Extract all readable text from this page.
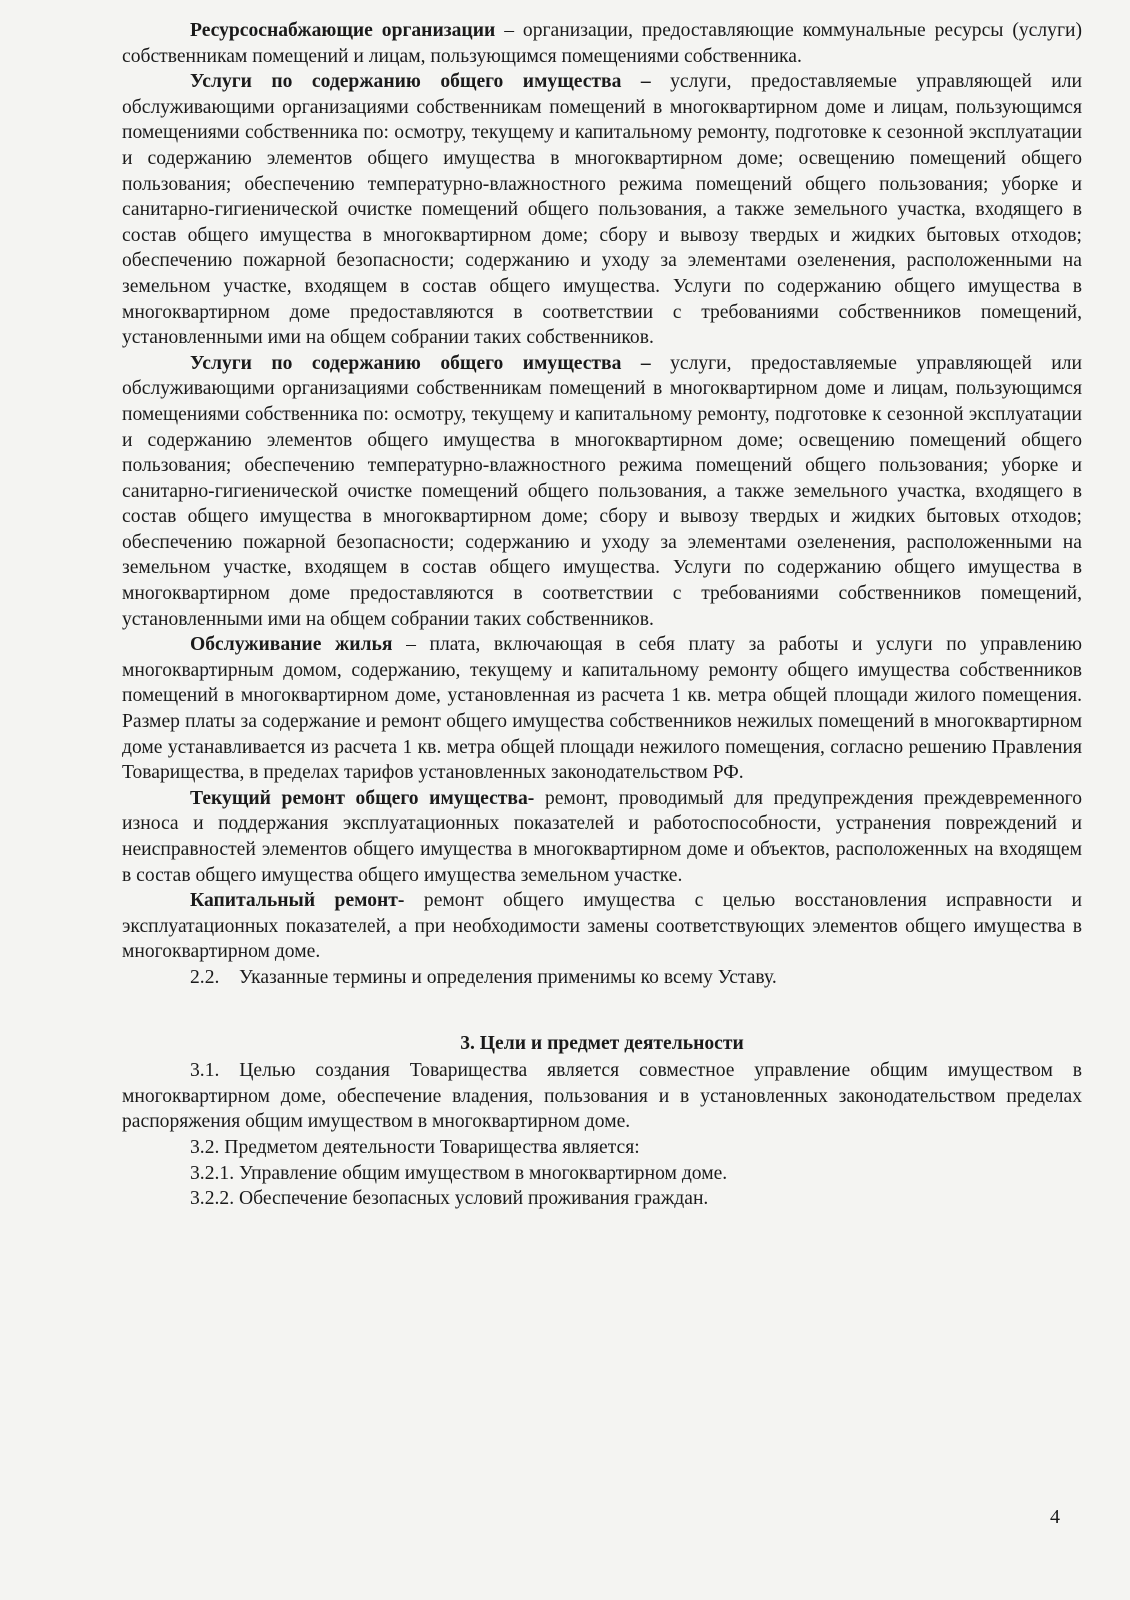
Ресурсоснабжающие организации – организации, предоставляющие коммунальные ресурсы (услуги) собственникам помещений и лицам, пользующимся помещениями собственника.

Услуги по содержанию общего имущества – услуги, предоставляемые управляющей или обслуживающими организациями собственникам помещений в многоквартирном доме и лицам, пользующимся помещениями собственника по: осмотру, текущему и капитальному ремонту, подготовке к сезонной эксплуатации и содержанию элементов общего имущества в многоквартирном доме; освещению помещений общего пользования; обеспечению температурно-влажностного режима помещений общего пользования; уборке и санитарно-гигиенической очистке помещений общего пользования, а также земельного участка, входящего в состав общего имущества в многоквартирном доме; сбору и вывозу твердых и жидких бытовых отходов; обеспечению пожарной безопасности; содержанию и уходу за элементами озеленения, расположенными на земельном участке, входящем в состав общего имущества. Услуги по содержанию общего имущества в многоквартирном доме предоставляются в соответствии с требованиями собственников помещений, установленными ими на общем собрании таких собственников.

Услуги по содержанию общего имущества – услуги, предоставляемые управляющей или обслуживающими организациями собственникам помещений в многоквартирном доме и лицам, пользующимся помещениями собственника по: осмотру, текущему и капитальному ремонту, подготовке к сезонной эксплуатации и содержанию элементов общего имущества в многоквартирном доме; освещению помещений общего пользования; обеспечению температурно-влажностного режима помещений общего пользования; уборке и санитарно-гигиенической очистке помещений общего пользования, а также земельного участка, входящего в состав общего имущества в многоквартирном доме; сбору и вывозу твердых и жидких бытовых отходов; обеспечению пожарной безопасности; содержанию и уходу за элементами озеленения, расположенными на земельном участке, входящем в состав общего имущества. Услуги по содержанию общего имущества в многоквартирном доме предоставляются в соответствии с требованиями собственников помещений, установленными ими на общем собрании таких собственников.

Обслуживание жилья – плата, включающая в себя плату за работы и услуги по управлению многоквартирным домом, содержанию, текущему и капитальному ремонту общего имущества собственников помещений в многоквартирном доме, установленная из расчета 1 кв. метра общей площади жилого помещения. Размер платы за содержание и ремонт общего имущества собственников нежилых помещений в многоквартирном доме устанавливается из расчета 1 кв. метра общей площади нежилого помещения, согласно решению Правления Товарищества, в пределах тарифов установленных законодательством РФ.

Текущий ремонт общего имущества- ремонт, проводимый для предупреждения преждевременного износа и поддержания эксплуатационных показателей и работоспособности, устранения повреждений и неисправностей элементов общего имущества в многоквартирном доме и объектов, расположенных на входящем в состав общего имущества общего имущества земельном участке.

Капитальный ремонт- ремонт общего имущества с целью восстановления исправности и эксплуатационных показателей, а при необходимости замены соответствующих элементов общего имущества в многоквартирном доме.

2.2. Указанные термины и определения применимы ко всему Уставу.

3. Цели и предмет деятельности

3.1. Целью создания Товарищества является совместное управление общим имуществом в многоквартирном доме, обеспечение владения, пользования и в установленных законодательством пределах распоряжения общим имуществом в многоквартирном доме.

3.2. Предметом деятельности Товарищества является:

3.2.1. Управление общим имуществом в многоквартирном доме.

3.2.2. Обеспечение безопасных условий проживания граждан.

4
